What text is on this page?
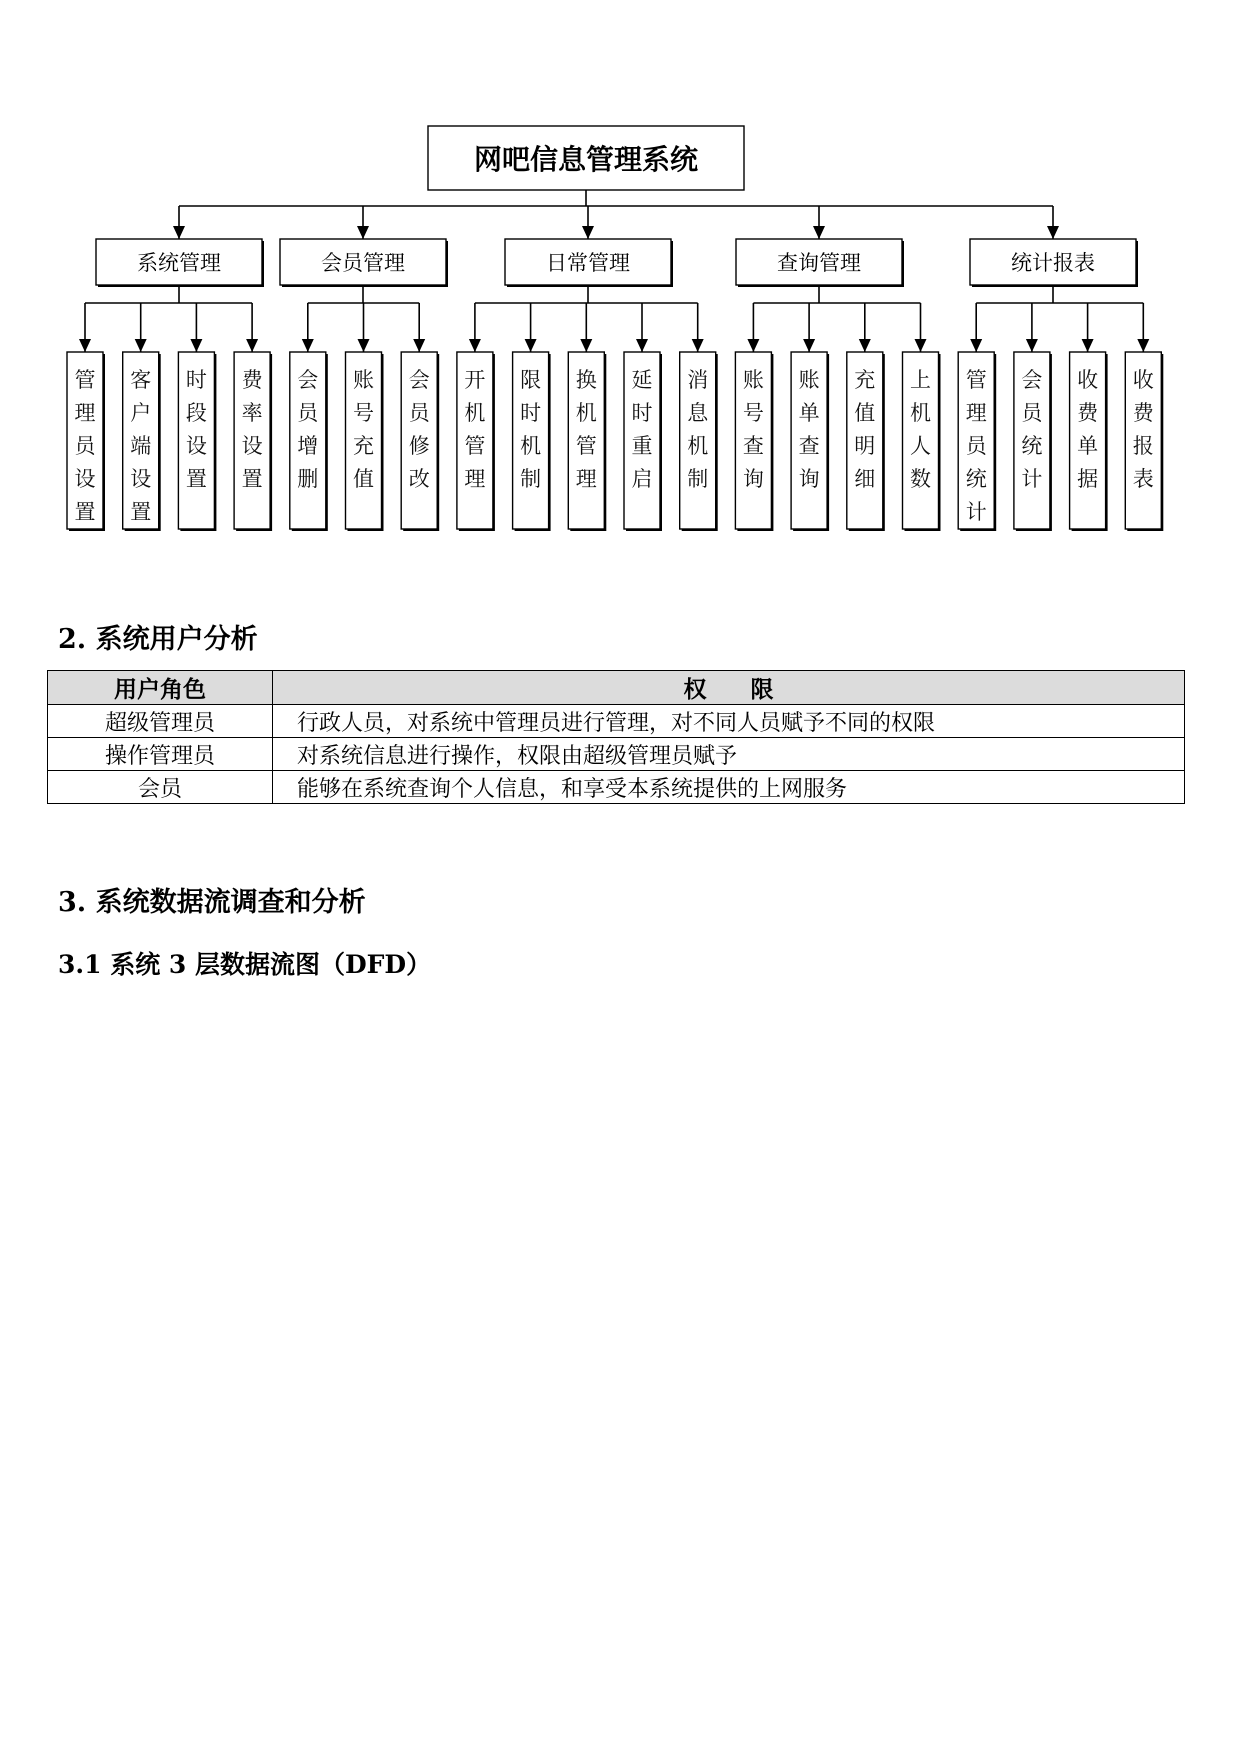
网吧信息管理系统
系统管理
管
理
员
设
置
客
户
端
设
置
时
段
设
置
费
率
设
置
会员管理
会
员
增
删
账
号
充
值
会
员
修
改
日常管理
开
机
管
理
限
时
机
制
换
机
管
理
延
时
重
启
消
息
机
制
查询管理
账
号
查
询
账
单
查
询
充
值
明
细
上
机
人
数
统计报表
管
理
员
统
计
会
员
统
计
收
费
单
据
收
费
报
表
2. 系统用户分析
用户角色	权限
超级管理员	行政人员，对系统中管理员进行管理，对不同人员赋予不同的权限
操作管理员	对系统信息进行操作，权限由超级管理员赋予
会员	能够在系统查询个人信息，和享受本系统提供的上网服务
3. 系统数据流调查和分析
3.1 系统 3 层数据流图（DFD）
